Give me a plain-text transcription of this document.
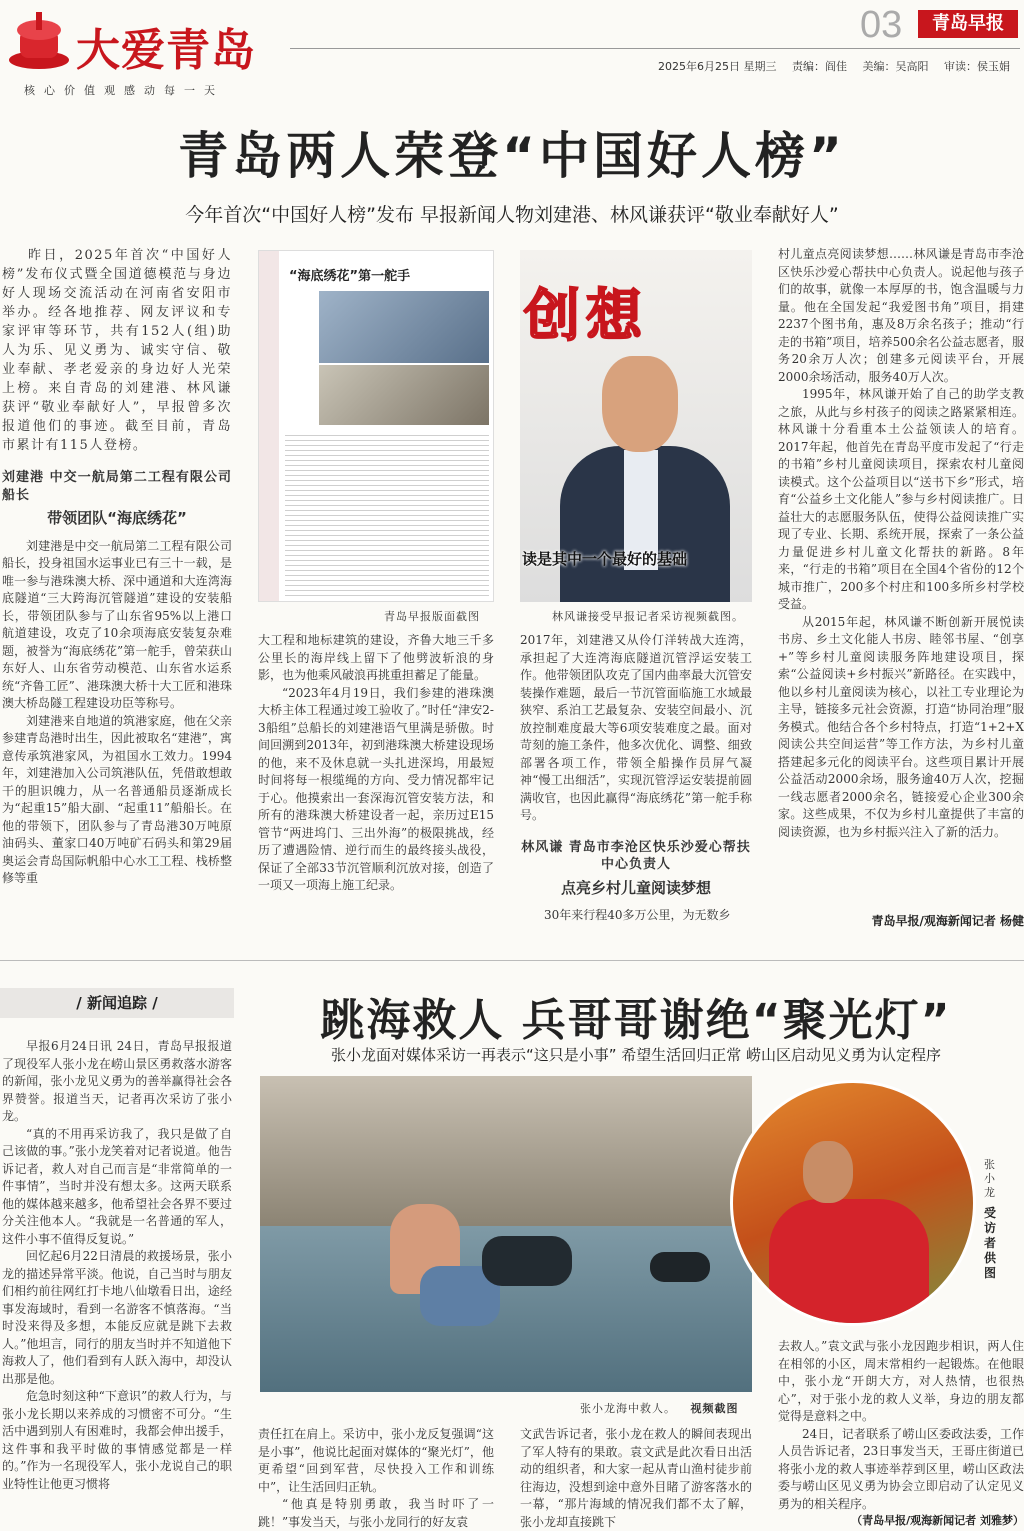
大爱青岛
核心价值观感动每一天
03	青岛早报
2025年6月25日 星期三 责编：阎佳 美编：吴高阳 审读：侯玉娟
青岛两人荣登“中国好人榜”
今年首次“中国好人榜”发布 早报新闻人物刘建港、林风谦获评“敬业奉献好人”

昨日，2025年首次“中国好人榜”发布仪式暨全国道德模范与身边好人现场交流活动在河南省安阳市举办。经各地推荐、网友评议和专家评审等环节，共有152人(组)助人为乐、见义勇为、诚实守信、敬业奉献、孝老爱亲的身边好人光荣上榜。来自青岛的刘建港、林风谦获评“敬业奉献好人”，早报曾多次报道他们的事迹。截至目前，青岛市累计有115人登榜。

刘建港 中交一航局第二工程有限公司船长
带领团队“海底绣花”

刘建港是中交一航局第二工程有限公司船长，投身祖国水运事业已有三十一载，是唯一参与港珠澳大桥、深中通道和大连湾海底隧道“三大跨海沉管隧道”建设的安装船长，带领团队参与了山东省95%以上港口航道建设，攻克了10余项海底安装复杂难题，被誉为“海底绣花”第一舵手，曾荣获山东好人、山东省劳动模范、山东省水运系统“齐鲁工匠”、港珠澳大桥十大工匠和港珠澳大桥岛隧工程建设功臣等称号。

刘建港来自地道的筑港家庭，他在父亲参建青岛港时出生，因此被取名“建港”，寓意传承筑港家风，为祖国水工效力。1994年，刘建港加入公司筑港队伍，凭借敢想敢干的胆识魄力，从一名普通船员逐渐成长为“起重15”船大副、“起重11”船船长。在他的带领下，团队参与了青岛港30万吨原油码头、董家口40万吨矿石码头和第29届奥运会青岛国际帆船中心水工工程、栈桥整修等重

“海底绣花”第一舵手
青岛早报版面截图

大工程和地标建筑的建设，齐鲁大地三千多公里长的海岸线上留下了他劈波斩浪的身影，也为他乘风破浪再挑重担蓄足了能量。

“2023年4月19日，我们参建的港珠澳大桥主体工程通过竣工验收了。”时任“津安2-3船组”总船长的刘建港语气里满是骄傲。时间回溯到2013年，初到港珠澳大桥建设现场的他，来不及休息就一头扎进深坞，用最短时间将每一根缆绳的方向、受力情况都牢记于心。他摸索出一套深海沉管安装方法，和所有的港珠澳大桥建设者一起，亲历过E15管节“两进坞门、三出外海”的极限挑战，经历了遭遇险情、逆行而生的最终接头战役，保证了全部33节沉管顺利沉放对接，创造了一项又一项海上施工纪录。

创想
读是其中一个最好的基础
林风谦接受早报记者采访视频截图。

2017年，刘建港又从伶仃洋转战大连湾，承担起了大连湾海底隧道沉管浮运安装工作。他带领团队攻克了国内曲率最大沉管安装操作难题，最后一节沉管面临施工水域最狭窄、系泊工艺最复杂、安装空间最小、沉放控制难度最大等6项安装难度之最。面对苛刻的施工条件，他多次优化、调整、细致部署各项工作，带领全船操作员屏气凝神“慢工出细活”，实现沉管浮运安装提前圆满收官，也因此赢得“海底绣花”第一舵手称号。

林风谦 青岛市李沧区快乐沙爱心帮扶中心负责人
点亮乡村儿童阅读梦想

30年来行程40多万公里，为无数乡

村儿童点亮阅读梦想……林风谦是青岛市李沧区快乐沙爱心帮扶中心负责人。说起他与孩子们的故事，就像一本厚厚的书，饱含温暖与力量。他在全国发起“我爱图书角”项目，捐建2237个图书角，惠及8万余名孩子；推动“行走的书箱”项目，培养500余名公益志愿者，服务20余万人次；创建多元阅读平台，开展2000余场活动，服务40万人次。

1995年，林风谦开始了自己的助学支教之旅，从此与乡村孩子的阅读之路紧紧相连。林风谦十分看重本土公益领读人的培育。2017年起，他首先在青岛平度市发起了“行走的书箱”乡村儿童阅读项目，探索农村儿童阅读模式。这个公益项目以“送书下乡”形式，培育“公益乡土文化能人”参与乡村阅读推广。日益壮大的志愿服务队伍，使得公益阅读推广实现了专业、长期、系统开展，探索了一条公益力量促进乡村儿童文化帮扶的新路。8年来，“行走的书箱”项目在全国4个省份的12个城市推广，200多个村庄和100多所乡村学校受益。

从2015年起，林风谦不断创新开展悦读书房、乡土文化能人书房、睦邻书屋、“创享+”等乡村儿童阅读服务阵地建设项目，探索“公益阅读+乡村振兴”新路径。在实践中，他以乡村儿童阅读为核心，以社工专业理论为主导，链接多元社会资源，打造“协同治理”服务模式。他结合各个乡村特点，打造“1+2+X阅读公共空间运营”等工作方法，为乡村儿童搭建起多元化的阅读平台。这些项目累计开展公益活动2000余场，服务逾40万人次，挖掘一线志愿者2000余名，链接爱心企业300余家。这些成果，不仅为乡村儿童提供了丰富的阅读资源，也为乡村振兴注入了新的活力。

青岛早报/观海新闻记者 杨健
/ 新闻追踪 /	跳海救人 兵哥哥谢绝“聚光灯”
张小龙面对媒体采访一再表示“这只是小事” 希望生活回归正常 崂山区启动见义勇为认定程序

早报6月24日讯 24日，青岛早报报道了现役军人张小龙在崂山景区勇救落水游客的新闻，张小龙见义勇为的善举赢得社会各界赞誉。报道当天，记者再次采访了张小龙。

“真的不用再采访我了，我只是做了自己该做的事。”张小龙笑着对记者说道。他告诉记者，救人对自己而言是“非常简单的一件事情”，当时并没有想太多。这两天联系他的媒体越来越多，他希望社会各界不要过分关注他本人。“我就是一名普通的军人，这件小事不值得反复说。”

回忆起6月22日清晨的救援场景，张小龙的描述异常平淡。他说，自己当时与朋友们相约前往网红打卡地八仙墩看日出，途经事发海域时，看到一名游客不慎落海。“当时没来得及多想，本能反应就是跳下去救人。”他坦言，同行的朋友当时并不知道他下海救人了，他们看到有人跃入海中，却没认出那是他。

危急时刻这种“下意识”的救人行为，与张小龙长期以来养成的习惯密不可分。“生活中遇到别人有困难时，我都会伸出援手，这件事和我平时做的事情感觉都是一样的。”作为一名现役军人，张小龙说自己的职业特性让他更习惯将

张小龙海中救人。 视频截图
张小龙
受访者供图

责任扛在肩上。采访中，张小龙反复强调“这是小事”，他说比起面对媒体的“聚光灯”，他更希望“回到军营，尽快投入工作和训练中”，让生活回归正轨。

“他真是特别勇敢，我当时吓了一跳！”事发当天，与张小龙同行的好友袁

文武告诉记者，张小龙在救人的瞬间表现出了军人特有的果敢。袁文武是此次看日出活动的组织者，和大家一起从青山渔村徒步前往海边，没想到途中意外目睹了游客落水的一幕，“那片海域的情况我们都不太了解，张小龙却直接跳下

去救人。”袁文武与张小龙因跑步相识，两人住在相邻的小区，周末常相约一起锻炼。在他眼中，张小龙“开朗大方，对人热情，也很热心”，对于张小龙的救人义举，身边的朋友都觉得是意料之中。

24日，记者联系了崂山区委政法委，工作人员告诉记者，23日事发当天，王哥庄街道已将张小龙的救人事迹举荐到区里，崂山区政法委与崂山区见义勇为协会立即启动了认定见义勇为的相关程序。

（青岛早报/观海新闻记者 刘雅梦）
